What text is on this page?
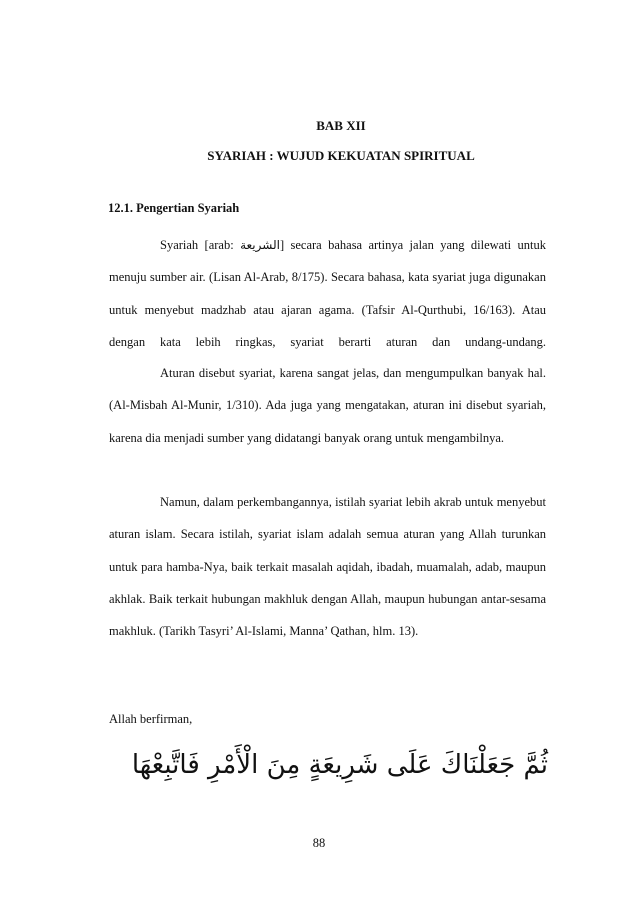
BAB XII
SYARIAH : WUJUD KEKUATAN SPIRITUAL
12.1. Pengertian Syariah

Syariah [arab: الشريعة] secara bahasa artinya jalan yang dilewati untuk menuju sumber air. (Lisan Al-Arab, 8/175). Secara bahasa, kata syariat juga digunakan untuk menyebut madzhab atau ajaran agama. (Tafsir Al-Qurthubi, 16/163). Atau dengan kata lebih ringkas, syariat berarti aturan dan undang-undang.

Aturan disebut syariat, karena sangat jelas, dan mengumpulkan banyak hal. (Al-Misbah Al-Munir, 1/310). Ada juga yang mengatakan, aturan ini disebut syariah, karena dia menjadi sumber yang didatangi banyak orang untuk mengambilnya.

Namun, dalam perkembangannya, istilah syariat lebih akrab untuk menyebut aturan islam. Secara istilah, syariat islam adalah semua aturan yang Allah turunkan untuk para hamba-Nya, baik terkait masalah aqidah, ibadah, muamalah, adab, maupun akhlak. Baik terkait hubungan makhluk dengan Allah, maupun hubungan antar-sesama makhluk. (Tarikh Tasyri’ Al-Islami, Manna’ Qathan, hlm. 13).

Allah berfirman,
ثُمَّ جَعَلْنَاكَ عَلَى شَرِيعَةٍ مِنَ الْأَمْرِ فَاتَّبِعْهَا
88
